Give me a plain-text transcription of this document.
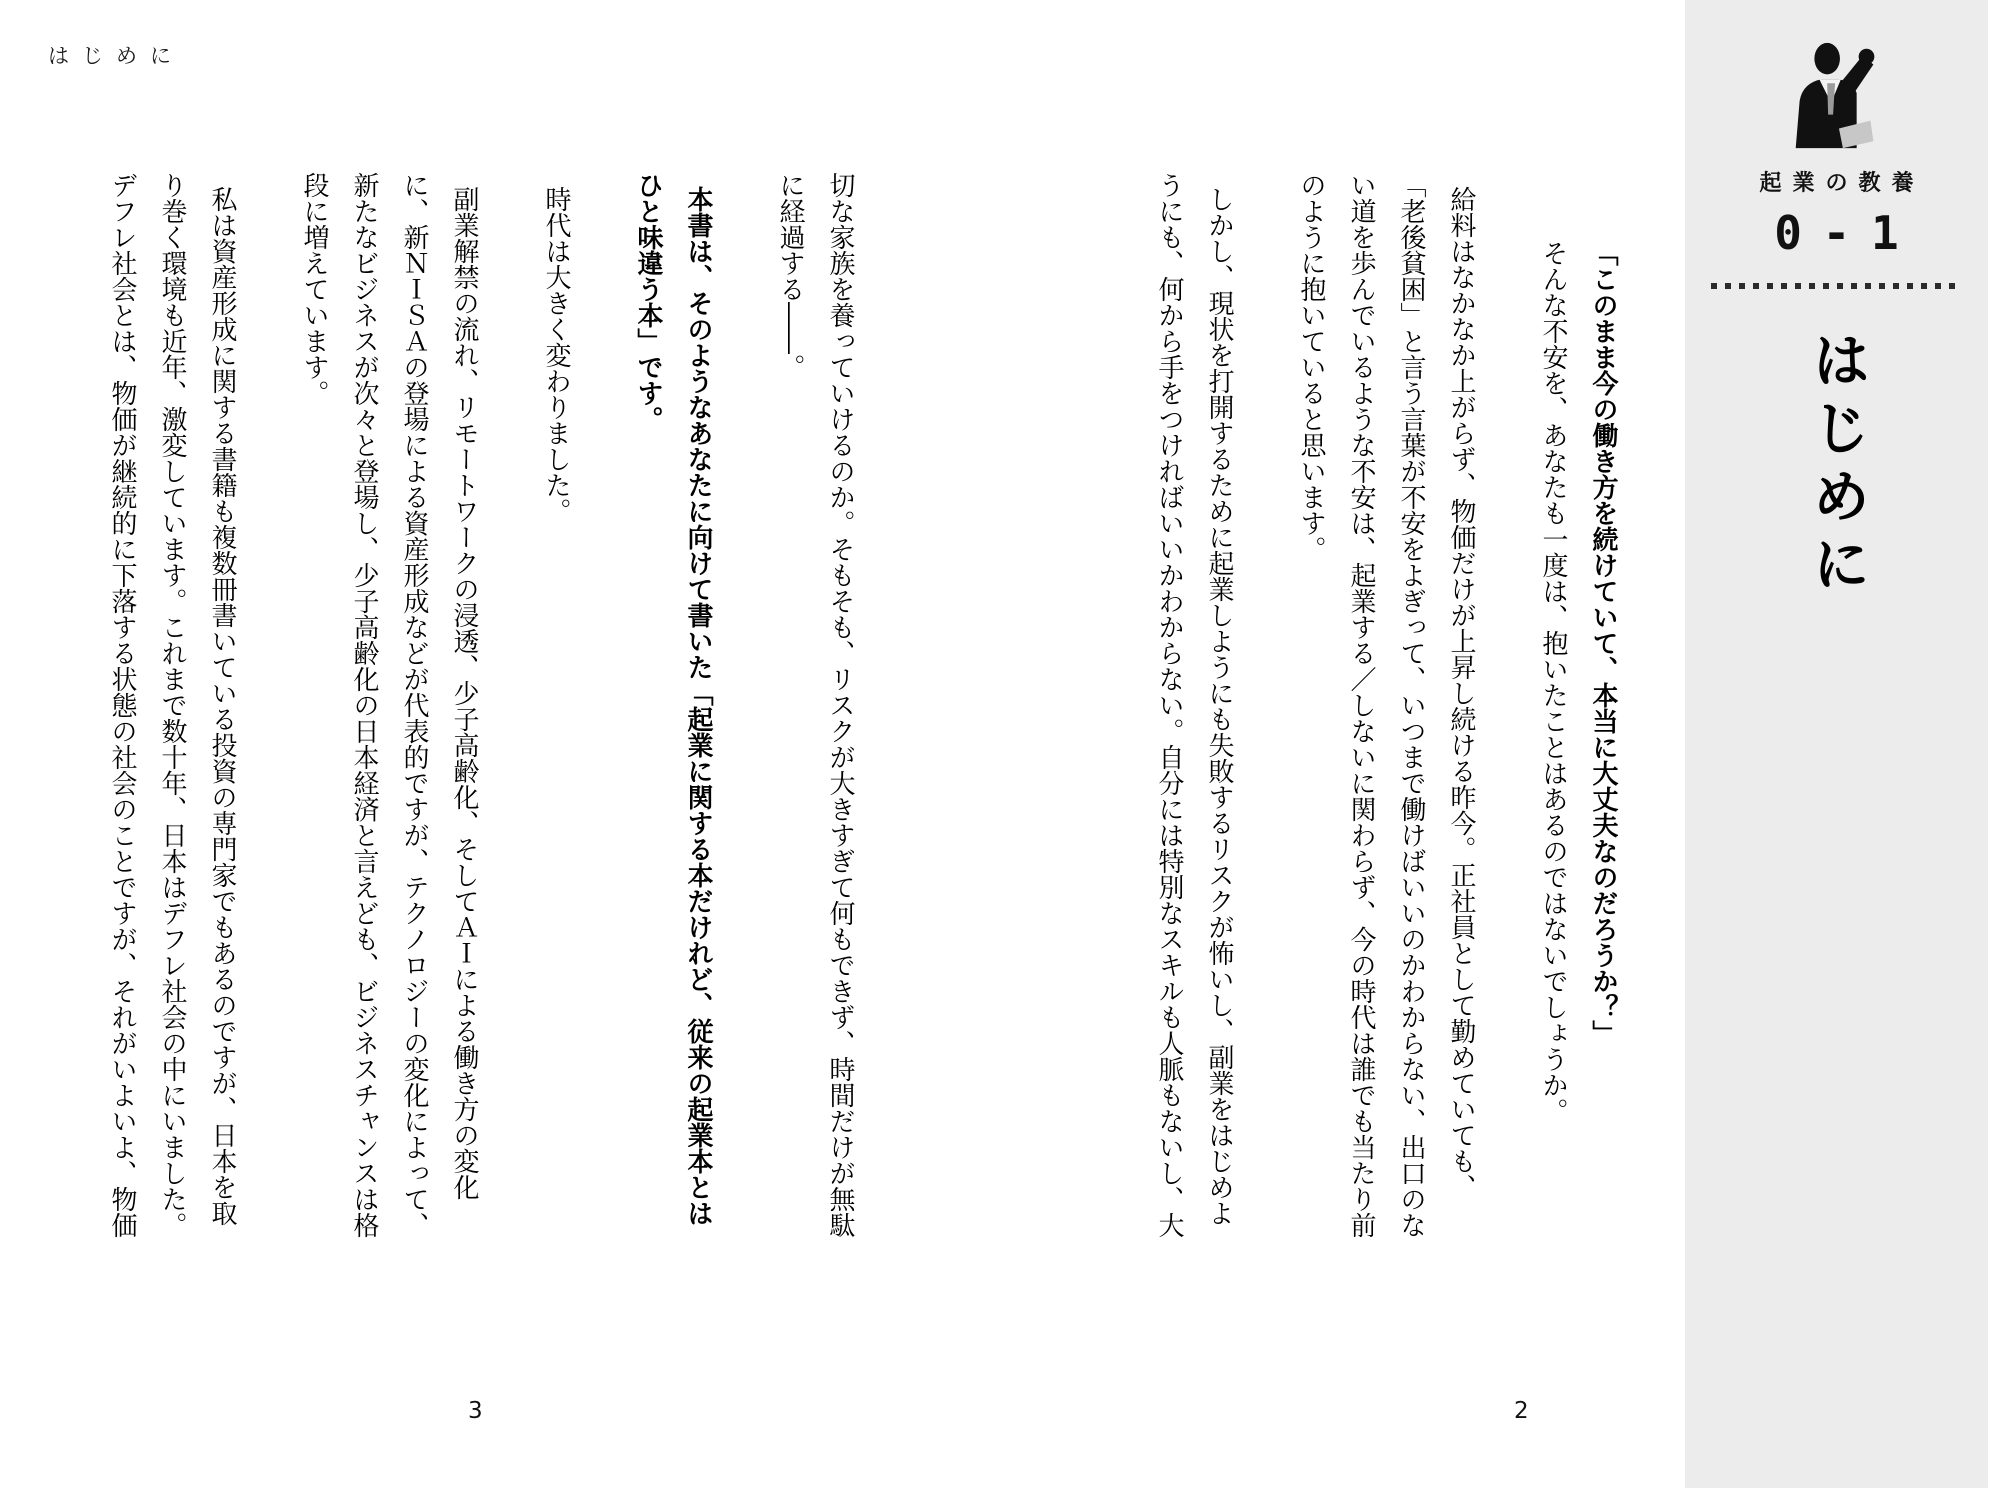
はじめに
「このまま今の働き方を続けていて、本当に大丈夫なのだろうか？」
そんな不安を、あなたも一度は、抱いたことはあるのではないでしょうか。
給料はなかなか上がらず、物価だけが上昇し続ける昨今。正社員として勤めていても、
「老後貧困」と言う言葉が不安をよぎって、いつまで働けばいいのかわからない、出口のな
い道を歩んでいるような不安は、起業する／しないに関わらず、今の時代は誰でも当たり前
のように抱いていると思います。
しかし、現状を打開するために起業しようにも失敗するリスクが怖いし、副業をはじめよ
うにも、何から手をつければいいかわからない。自分には特別なスキルも人脈もないし、大
切な家族を養っていけるのか。そもそも、リスクが大きすぎて何もできず、時間だけが無駄
に経過する――。
本書は、そのようなあなたに向けて書いた「起業に関する本だけれど、従来の起業本とは
ひと味違う本」です。
時代は大きく変わりました。
副業解禁の流れ、リモートワークの浸透、少子高齢化、そしてＡＩによる働き方の変化
に、新ＮＩＳＡの登場による資産形成などが代表的ですが、テクノロジーの変化によって、
新たなビジネスが次々と登場し、少子高齢化の日本経済と言えども、ビジネスチャンスは格
段に増えています。
私は資産形成に関する書籍も複数冊書いている投資の専門家でもあるのですが、日本を取
り巻く環境も近年、激変しています。これまで数十年、日本はデフレ社会の中にいました。
デフレ社会とは、物価が継続的に下落する状態の社会のことですが、それがいよいよ、物価
3	2
起業の教養
0-1
はじめに
